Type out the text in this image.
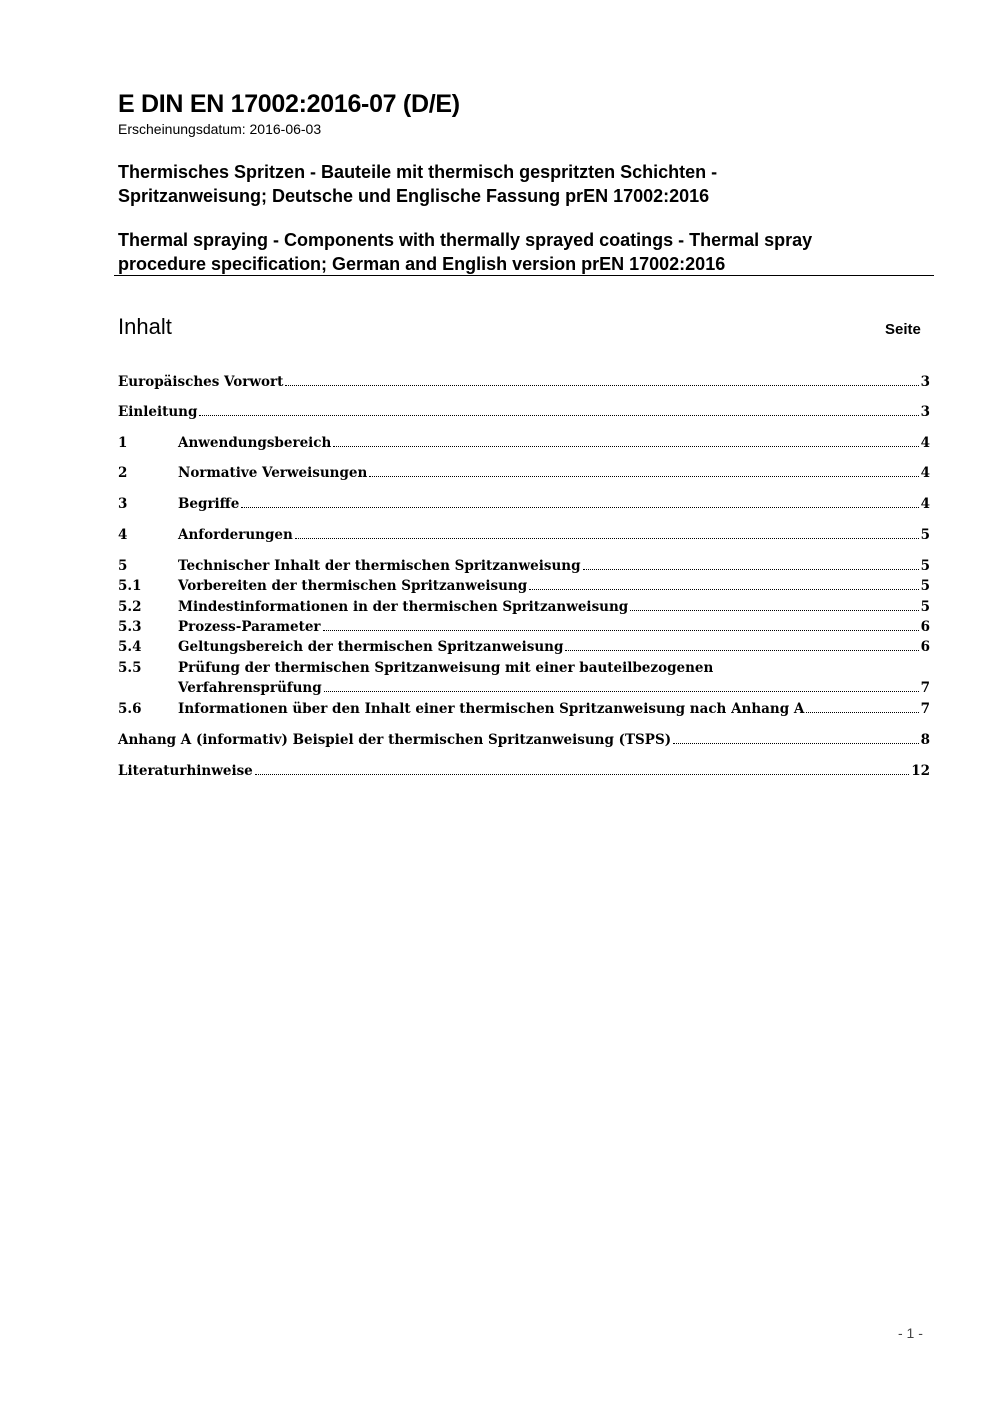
E DIN EN 17002:2016-07 (D/E)
Erscheinungsdatum: 2016-06-03
Thermisches Spritzen - Bauteile mit thermisch gespritzten Schichten -
Spritzanweisung; Deutsche und Englische Fassung prEN 17002:2016
Thermal spraying - Components with thermally sprayed coatings - Thermal spray
procedure specification; German and English version prEN 17002:2016
Inhalt	Seite
Europäisches Vorwort	3
Einleitung	3
1	Anwendungsbereich	4
2	Normative Verweisungen	4
3	Begriffe	4
4	Anforderungen	5
5	Technischer Inhalt der thermischen Spritzanweisung	5
5.1	Vorbereiten der thermischen Spritzanweisung	5
5.2	Mindestinformationen in der thermischen Spritzanweisung	5
5.3	Prozess-Parameter	6
5.4	Geltungsbereich der thermischen Spritzanweisung	6
5.5	Prüfung der thermischen Spritzanweisung mit einer bauteilbezogenen
Verfahrensprüfung	7
5.6	Informationen über den Inhalt einer thermischen Spritzanweisung nach Anhang A	7
Anhang A (informativ) Beispiel der thermischen Spritzanweisung (TSPS)	8
Literaturhinweise	12
- 1 -
